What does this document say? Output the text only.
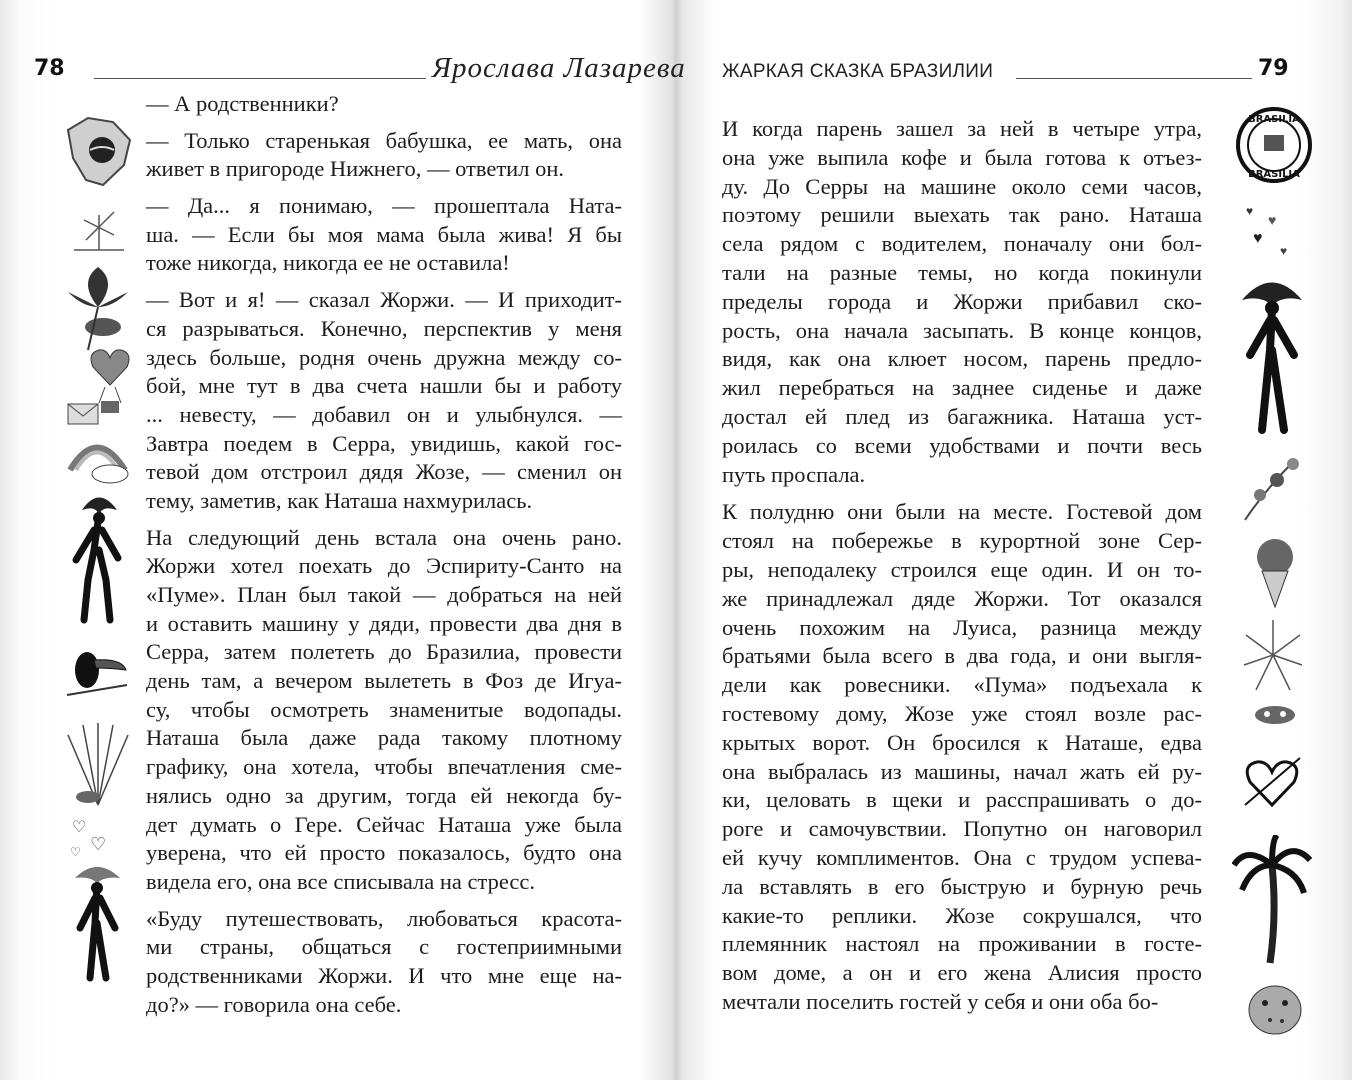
78	Ярослава Лазарева ЖАРКАЯ СКАЗКА БРАЗИЛИИ	79
— А родственники?
— Только старенькая бабушка, ее мать, она
живет в пригороде Нижнего, — ответил он.
— Да... я понимаю, — прошептала Ната-
ша. — Если бы моя мама была жива! Я бы
тоже никогда, никогда ее не оставила!
— Вот и я! — сказал Жоржи. — И приходит-
ся разрываться. Конечно, перспектив у меня
здесь больше, родня очень дружна между со-
бой, мне тут в два счета нашли бы и работу
... невесту, — добавил он и улыбнулся. —
Завтра поедем в Серра, увидишь, какой гос-
тевой дом отстроил дядя Жозе, — сменил он
тему, заметив, как Наташа нахмурилась.
На следующий день встала она очень рано.
Жоржи хотел поехать до Эспириту-Санто на
«Пуме». План был такой — добраться на ней
и оставить машину у дяди, провести два дня в
Серра, затем полететь до Бразилиа, провести
день там, а вечером вылететь в Фоз де Игуа-
су, чтобы осмотреть знаменитые водопады.
Наташа была даже рада такому плотному
графику, она хотела, чтобы впечатления сме-
нялись одно за другим, тогда ей некогда бу-
дет думать о Гере. Сейчас Наташа уже была
уверена, что ей просто показалось, будто она
видела его, она все списывала на стресс.
«Буду путешествовать, любоваться красота-
ми страны, общаться с гостеприимными
родственниками Жоржи. И что мне еще на-
до?» — говорила она себе.
И когда парень зашел за ней в четыре утра,
она уже выпила кофе и была готова к отъез-
ду. До Серры на машине около семи часов,
поэтому решили выехать так рано. Наташа
села рядом с водителем, поначалу они бол-
тали на разные темы, но когда покинули
пределы города и Жоржи прибавил ско-
рость, она начала засыпать. В конце концов,
видя, как она клюет носом, парень предло-
жил перебраться на заднее сиденье и даже
достал ей плед из багажника. Наташа уст-
роилась со всеми удобствами и почти весь
путь проспала.
К полудню они были на месте. Гостевой дом
стоял на побережье в курортной зоне Сер-
ры, неподалеку строился еще один. И он то-
же принадлежал дяде Жоржи. Тот оказался
очень похожим на Луиса, разница между
братьями была всего в два года, и они выгля-
дели как ровесники. «Пума» подъехала к
гостевому дому, Жозе уже стоял возле рас-
крытых ворот. Он бросился к Наташе, едва
она выбралась из машины, начал жать ей ру-
ки, целовать в щеки и расспрашивать о до-
роге и самочувствии. Попутно он наговорил
ей кучу комплиментов. Она с трудом успева-
ла вставлять в его быструю и бурную речь
какие-то реплики. Жозе сокрушался, что
племянник настоял на проживании в госте-
вом доме, а он и его жена Алисия просто
мечтали поселить гостей у себя и они оба бо-
♡
♡
♡
BRASILIA
BRASILIA
♥
♥
♥
♥
